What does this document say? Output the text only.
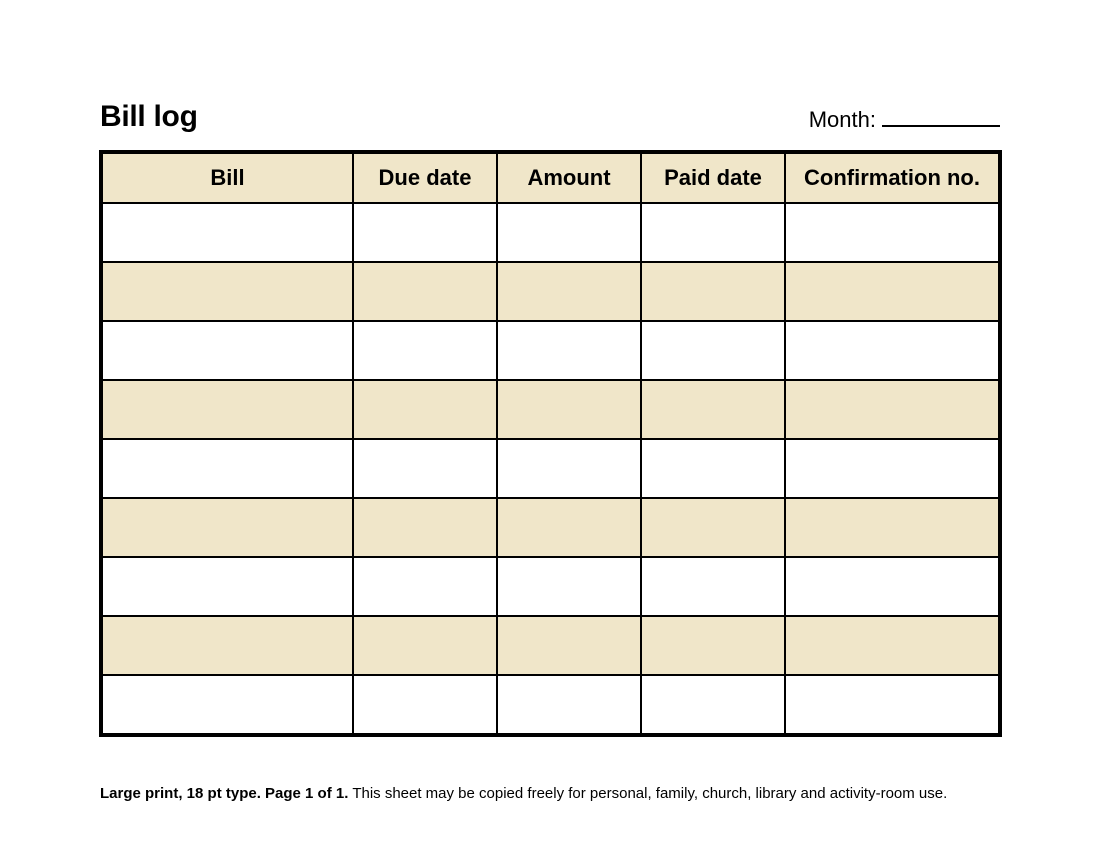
Bill log	Month:
Bill	Due date	Amount	Paid date	Confirmation no.

Large print, 18 pt type. Page 1 of 1. This sheet may be copied freely for personal, family, church, library and activity-room use.
